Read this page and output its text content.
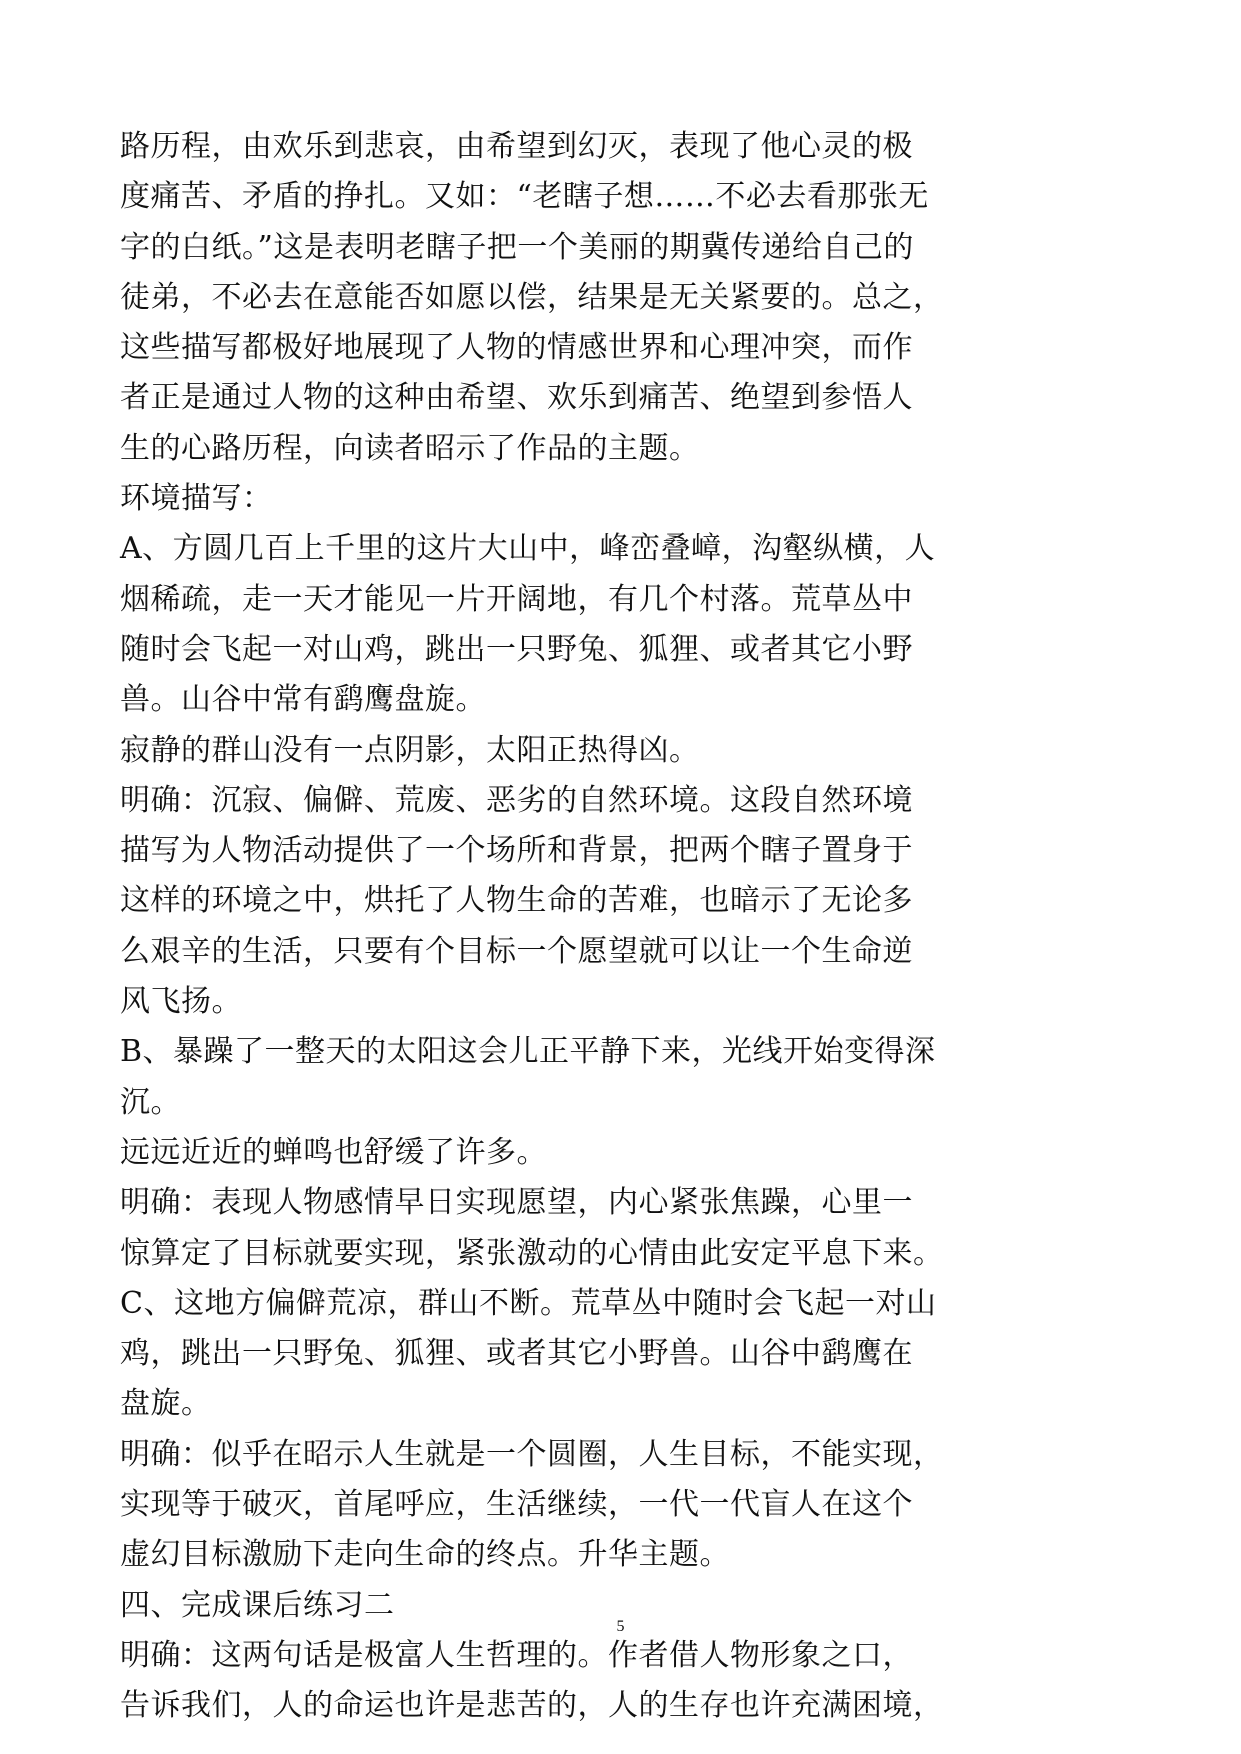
路历程，由欢乐到悲哀，由希望到幻灭，表现了他心灵的极
度痛苦、矛盾的挣扎。又如：“老瞎子想……不必去看那张无
字的白纸。”这是表明老瞎子把一个美丽的期冀传递给自己的
徒弟，不必去在意能否如愿以偿，结果是无关紧要的。总之，
这些描写都极好地展现了人物的情感世界和心理冲突，而作
者正是通过人物的这种由希望、欢乐到痛苦、绝望到参悟人
生的心路历程，向读者昭示了作品的主题。
环境描写：
A、方圆几百上千里的这片大山中，峰峦叠嶂，沟壑纵横，人
烟稀疏，走一天才能见一片开阔地，有几个村落。荒草丛中
随时会飞起一对山鸡，跳出一只野兔、狐狸、或者其它小野
兽。山谷中常有鹞鹰盘旋。
寂静的群山没有一点阴影，太阳正热得凶。
明确：沉寂、偏僻、荒废、恶劣的自然环境。这段自然环境
描写为人物活动提供了一个场所和背景，把两个瞎子置身于
这样的环境之中，烘托了人物生命的苦难，也暗示了无论多
么艰辛的生活，只要有个目标一个愿望就可以让一个生命逆
风飞扬。
B、暴躁了一整天的太阳这会儿正平静下来，光线开始变得深
沉。
远远近近的蝉鸣也舒缓了许多。
明确：表现人物感情早日实现愿望，内心紧张焦躁，心里一
惊算定了目标就要实现，紧张激动的心情由此安定平息下来。
C、这地方偏僻荒凉，群山不断。荒草丛中随时会飞起一对山
鸡，跳出一只野兔、狐狸、或者其它小野兽。山谷中鹞鹰在
盘旋。
明确：似乎在昭示人生就是一个圆圈，人生目标，不能实现，
实现等于破灭，首尾呼应，生活继续，一代一代盲人在这个
虚幻目标激励下走向生命的终点。升华主题。
四、完成课后练习二
明确：这两句话是极富人生哲理的。作者借人物形象之口，
告诉我们，人的命运也许是悲苦的，人的生存也许充满困境，
5
